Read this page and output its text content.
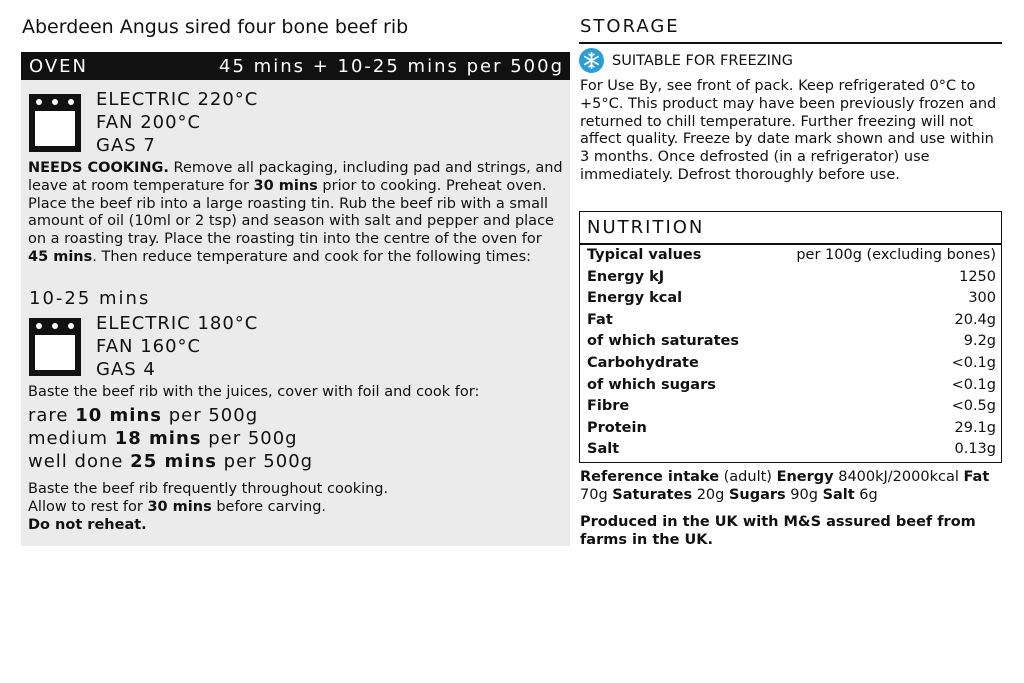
Aberdeen Angus sired four bone beef rib
OVEN	45 mins + 10-25 mins per 500g
ELECTRIC 220°C
FAN 200°C
GAS 7
NEEDS COOKING. Remove all packaging, including pad and strings, and leave at room temperature for 30 mins prior to cooking. Preheat oven. Place the beef rib into a large roasting tin. Rub the beef rib with a small amount of oil (10ml or 2 tsp) and season with salt and pepper and place on a roasting tray. Place the roasting tin into the centre of the oven for 45 mins. Then reduce temperature and cook for the following times:
10-25 mins
ELECTRIC 180°C
FAN 160°C
GAS 4
Baste the beef rib with the juices, cover with foil and cook for:
rare 10 mins per 500g
medium 18 mins per 500g
well done 25 mins per 500g
Baste the beef rib frequently throughout cooking.
Allow to rest for 30 mins before carving.
Do not reheat.
STORAGE
SUITABLE FOR FREEZING
For Use By, see front of pack. Keep refrigerated 0°C to +5°C. This product may have been previously frozen and returned to chill temperature. Further freezing will not affect quality. Freeze by date mark shown and use within 3 months. Once defrosted (in a refrigerator) use immediately. Defrost thoroughly before use.
NUTRITION
Typical values	per 100g (excluding bones)
Energy kJ	1250
Energy kcal	300
Fat	20.4g
of which saturates	9.2g
Carbohydrate	<0.1g
of which sugars	<0.1g
Fibre	<0.5g
Protein	29.1g
Salt	0.13g
Reference intake (adult) Energy 8400kJ/2000kcal Fat 70g Saturates 20g Sugars 90g Salt 6g
Produced in the UK with M&S assured beef from farms in the UK.
